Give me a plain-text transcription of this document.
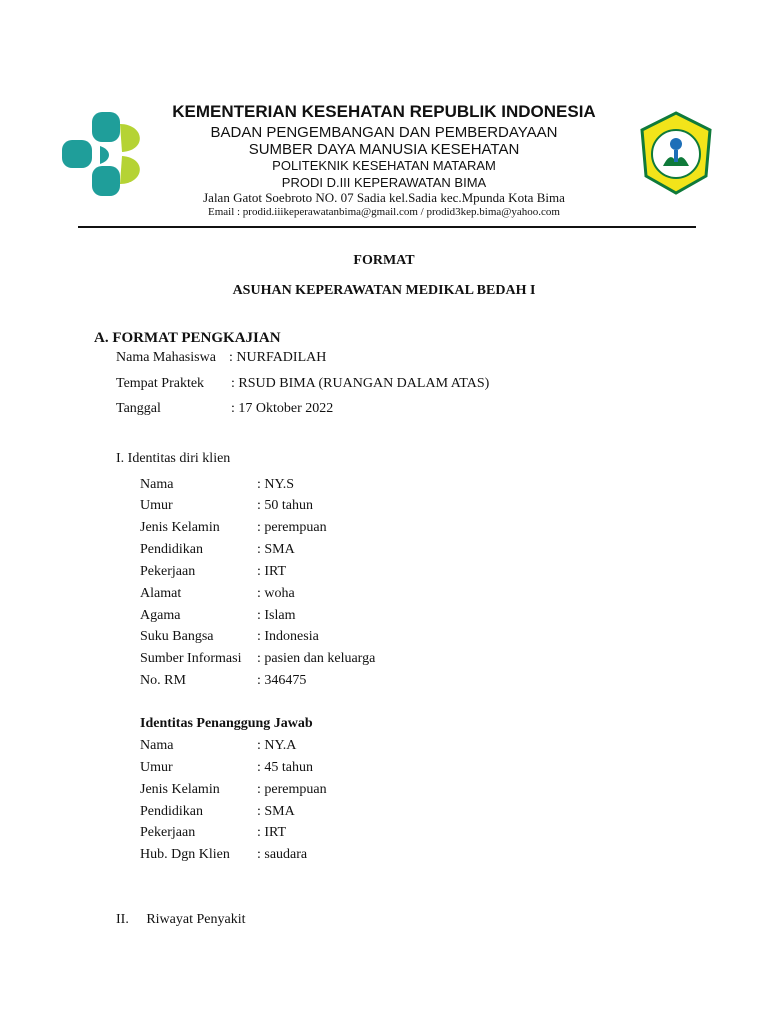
KEMENTERIAN KESEHATAN REPUBLIK INDONESIA
BADAN PENGEMBANGAN DAN PEMBERDAYAAN
SUMBER DAYA MANUSIA KESEHATAN
POLITEKNIK KESEHATAN MATARAM
PRODI D.III KEPERAWATAN BIMA
Jalan Gatot Soebroto NO. 07 Sadia kel.Sadia kec.Mpunda Kota Bima
Email : prodid.iiikeperawatanbima@gmail.com / prodid3kep.bima@yahoo.com
FORMAT
ASUHAN KEPERAWATAN MEDIKAL BEDAH I
A. FORMAT PENGKAJIAN
Nama Mahasiswa : NURFADILAH
Tempat Praktek : RSUD BIMA (RUANGAN DALAM ATAS)
Tanggal	: 17 Oktober 2022
I. Identitas diri klien
Nama	: NY.S
Umur	: 50 tahun
Jenis Kelamin	: perempuan
Pendidikan	: SMA
Pekerjaan	: IRT
Alamat	: woha
Agama	: Islam
Suku Bangsa	: Indonesia
Sumber Informasi : pasien dan keluarga
No. RM	: 346475
Identitas Penanggung Jawab
Nama	: NY.A
Umur	: 45 tahun
Jenis Kelamin	: perempuan
Pendidikan	: SMA
Pekerjaan	: IRT
Hub. Dgn Klien : saudara
II.     Riwayat Penyakit
